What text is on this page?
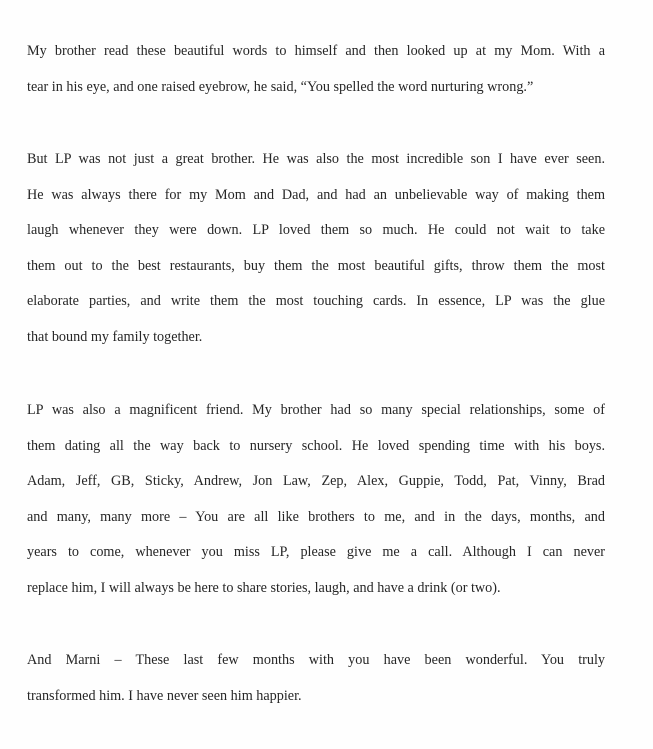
My brother read these beautiful words to himself and then looked up at my Mom. With a
tear in his eye, and one raised eyebrow, he said, “You spelled the word nurturing wrong.”
But LP was not just a great brother. He was also the most incredible son I have ever seen.
He was always there for my Mom and Dad, and had an unbelievable way of making them
laugh whenever they were down. LP loved them so much. He could not wait to take
them out to the best restaurants, buy them the most beautiful gifts, throw them the most
elaborate parties, and write them the most touching cards. In essence, LP was the glue
that bound my family together.
LP was also a magnificent friend. My brother had so many special relationships, some of
them dating all the way back to nursery school. He loved spending time with his boys.
Adam, Jeff, GB, Sticky, Andrew, Jon Law, Zep, Alex, Guppie, Todd, Pat, Vinny, Brad
and many, many more – You are all like brothers to me, and in the days, months, and
years to come, whenever you miss LP, please give me a call. Although I can never
replace him, I will always be here to share stories, laugh, and have a drink (or two).
And Marni – These last few months with you have been wonderful. You truly
transformed him. I have never seen him happier.
